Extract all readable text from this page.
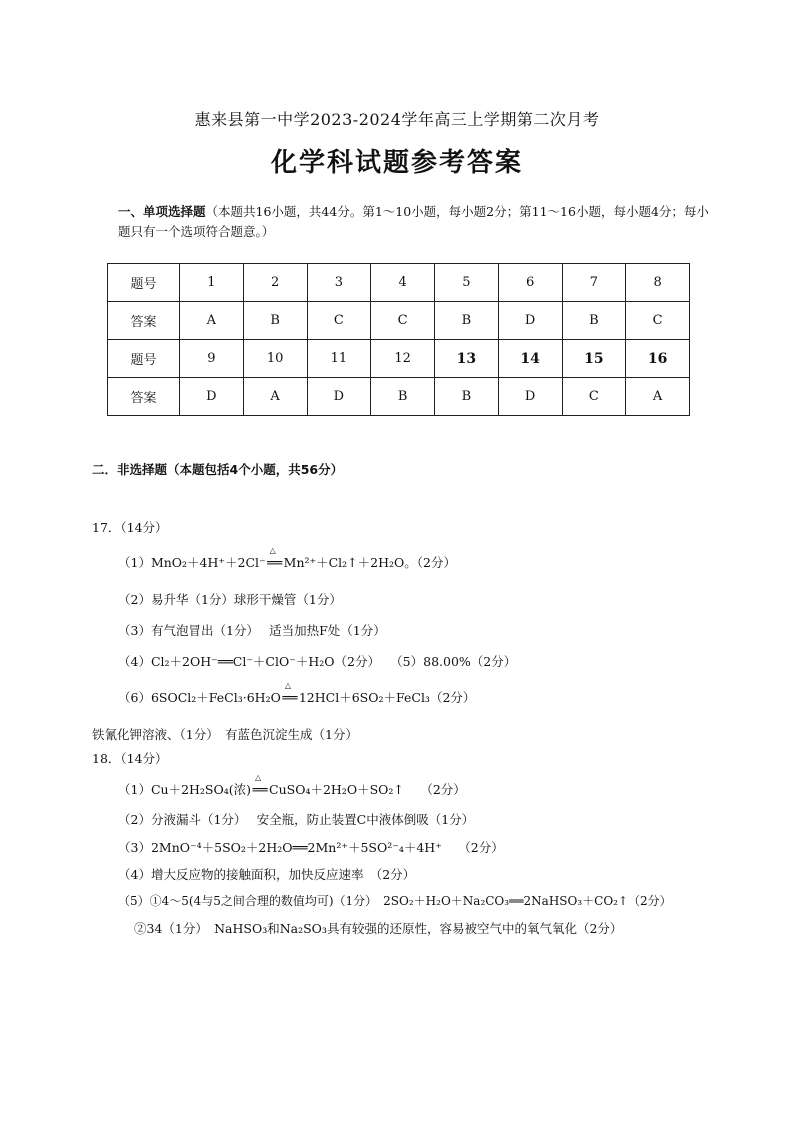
惠来县第一中学2023-2024学年高三上学期第二次月考
化学科试题参考答案
一、单项选择题（本题共16小题，共44分。第1～10小题，每小题2分；第11～16小题，每小题4分；每小题只有一个选项符合题意。）
题号	1	2	3	4	5	6	7	8
答案	A	B	C	C	B	D	B	C
题号	9	10	11	12	13	14	15	16
答案	D	A	D	B	B	D	C	A
二．非选择题（本题包括4个小题，共56分）
17．（14分）
（1）MnO₂＋4H⁺＋2Cl⁻△ ══Mn²⁺＋Cl₂↑＋2H₂O。（2分）
（2）易升华（1分）球形干燥管（1分）
（3）有气泡冒出（1分）　 适当加热F处（1分）
（4）Cl₂＋2OH⁻══Cl⁻＋ClO⁻＋H₂O（2分）　 （5）88.00%（2分）
（6）6SOCl₂＋FeCl₃·6H₂O△ ══12HCl＋6SO₂＋FeCl₃（2分）
铁氰化钾溶液、（1分）　有蓝色沉淀生成（1分）
18．（14分）
（1）Cu＋2H₂SO₄(浓)△ ══CuSO₄＋2H₂O＋SO₂↑　 （2分）
（2）分液漏斗（1分）　 安全瓶，防止装置C中液体倒吸（1分）
（3）2MnO⁻⁴＋5SO₂＋2H₂O══2Mn²⁺＋5SO²⁻₄＋4H⁺　 （2分）
（4）增大反应物的接触面积，加快反应速率　（2分）
（5）①4～5(4与5之间合理的数值均可)（1分）　2SO₂＋H₂O＋Na₂CO₃══2NaHSO₃＋CO₂↑（2分）
②34（1分）　NaHSO₃和Na₂SO₃具有较强的还原性，容易被空气中的氧气氧化（2分）
